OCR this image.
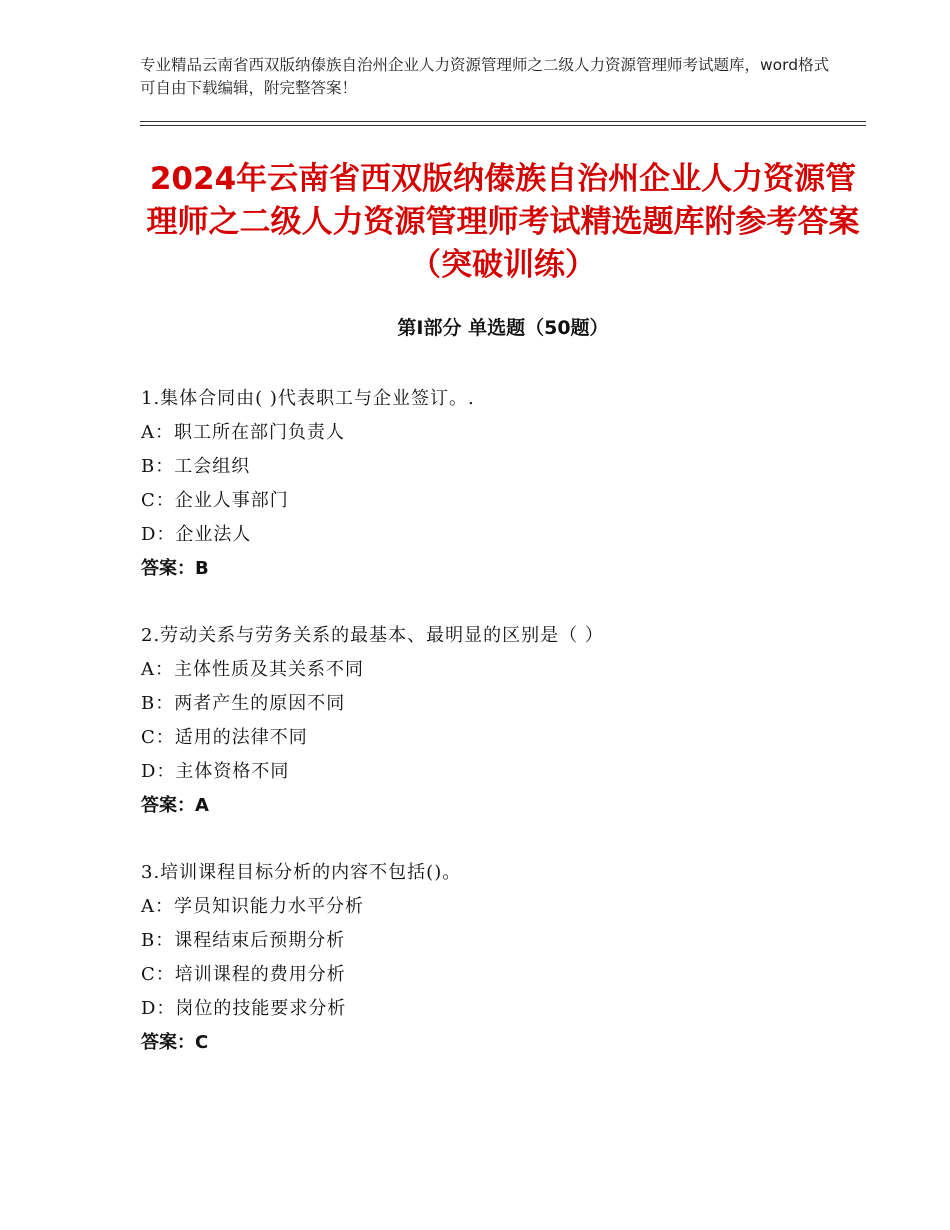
专业精品云南省西双版纳傣族自治州企业人力资源管理师之二级人力资源管理师考试题库，word格式可自由下载编辑，附完整答案！
2024年云南省西双版纳傣族自治州企业人力资源管理师之二级人力资源管理师考试精选题库附参考答案（突破训练）
第Ⅰ部分 单选题（50题）
1.集体合同由( )代表职工与企业签订。.
A：职工所在部门负责人
B：工会组织
C：企业人事部门
D：企业法人
答案：B
2.劳动关系与劳务关系的最基本、最明显的区别是（ ）
A：主体性质及其关系不同
B：两者产生的原因不同
C：适用的法律不同
D：主体资格不同
答案：A
3.培训课程目标分析的内容不包括()。
A：学员知识能力水平分析
B：课程结束后预期分析
C：培训课程的费用分析
D：岗位的技能要求分析
答案：C
